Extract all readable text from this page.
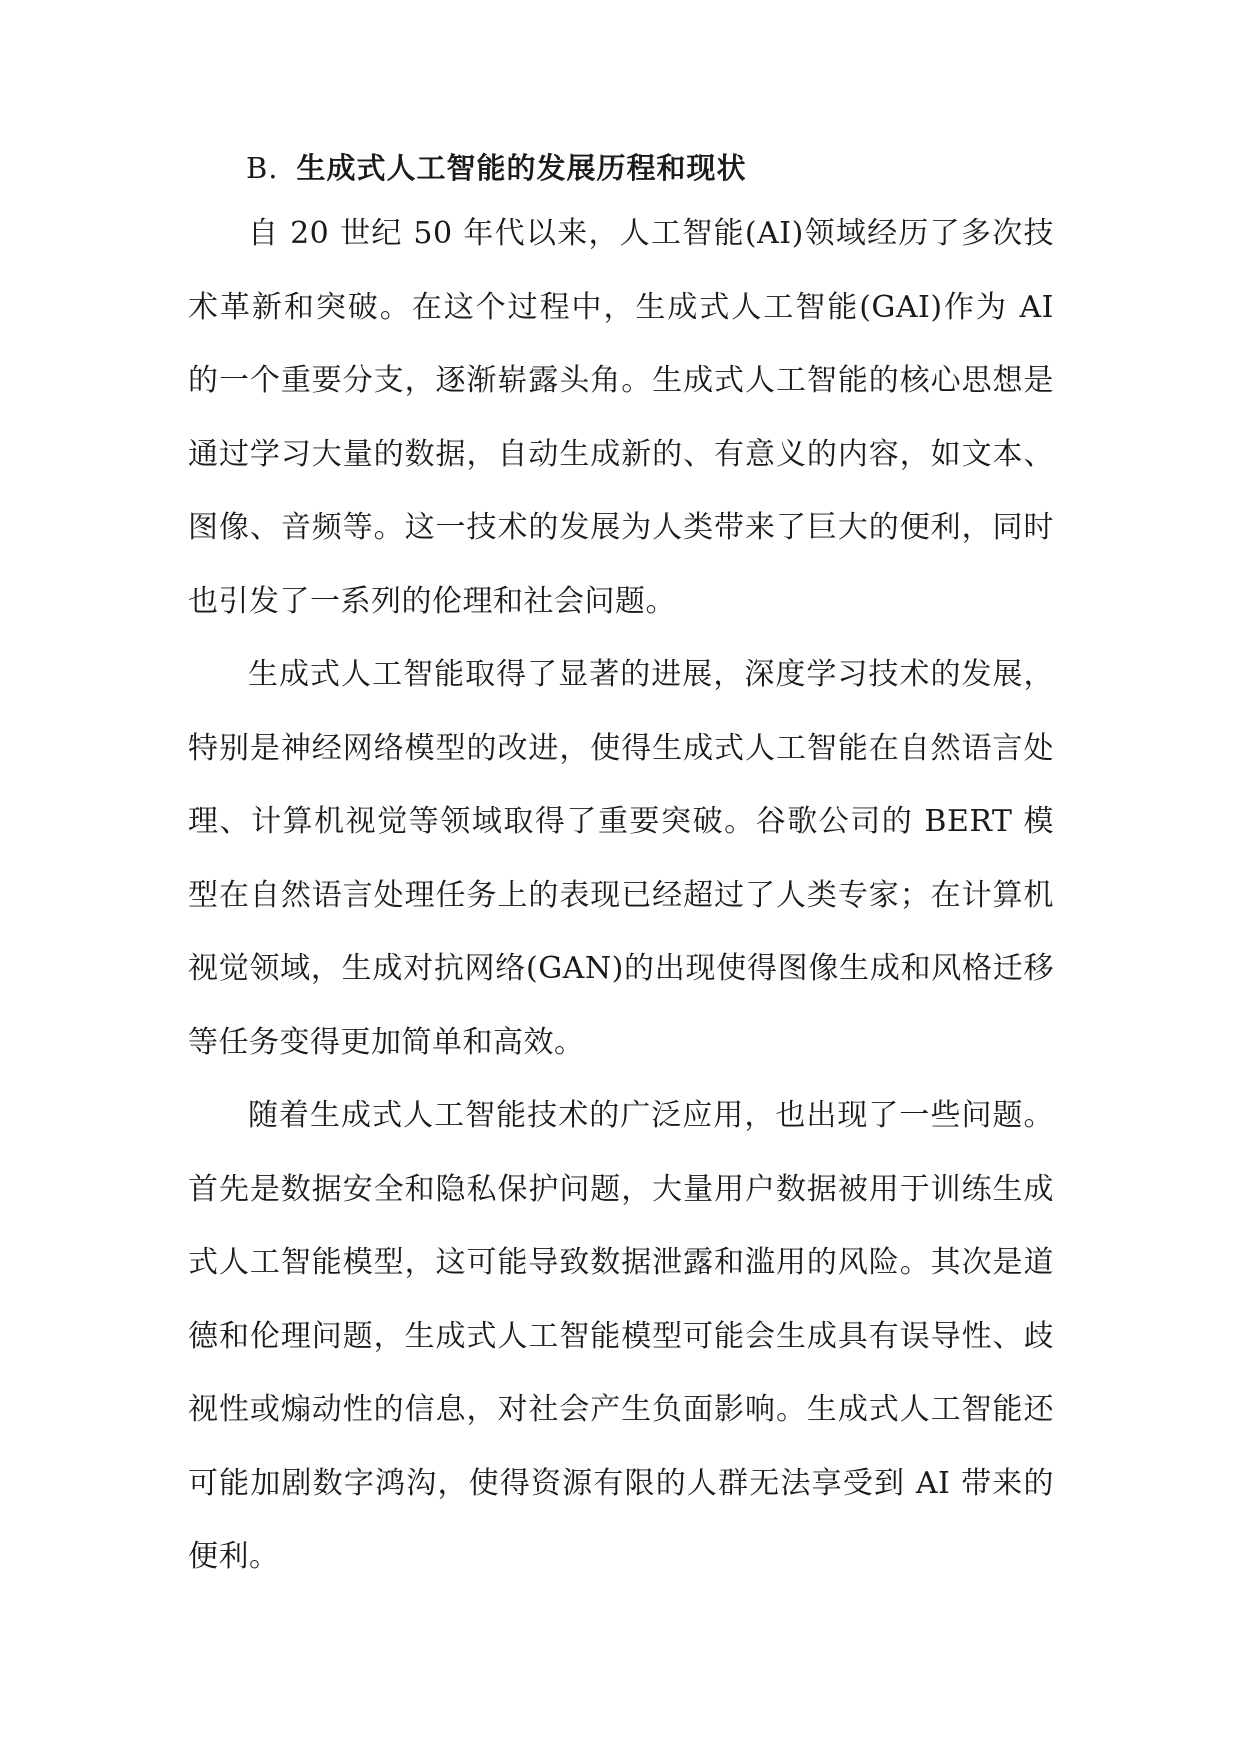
B. 生成式人工智能的发展历程和现状

自 20 世纪 50 年代以来，人工智能(AI)领域经历了多次技术革新和突破。在这个过程中，生成式人工智能(GAI)作为 AI 的一个重要分支，逐渐崭露头角。生成式人工智能的核心思想是通过学习大量的数据，自动生成新的、有意义的内容，如文本、图像、音频等。这一技术的发展为人类带来了巨大的便利，同时也引发了一系列的伦理和社会问题。

生成式人工智能取得了显著的进展，深度学习技术的发展，特别是神经网络模型的改进，使得生成式人工智能在自然语言处理、计算机视觉等领域取得了重要突破。谷歌公司的 BERT 模型在自然语言处理任务上的表现已经超过了人类专家；在计算机视觉领域，生成对抗网络(GAN)的出现使得图像生成和风格迁移等任务变得更加简单和高效。

随着生成式人工智能技术的广泛应用，也出现了一些问题。首先是数据安全和隐私保护问题，大量用户数据被用于训练生成式人工智能模型，这可能导致数据泄露和滥用的风险。其次是道德和伦理问题，生成式人工智能模型可能会生成具有误导性、歧视性或煽动性的信息，对社会产生负面影响。生成式人工智能还可能加剧数字鸿沟，使得资源有限的人群无法享受到 AI 带来的便利。
